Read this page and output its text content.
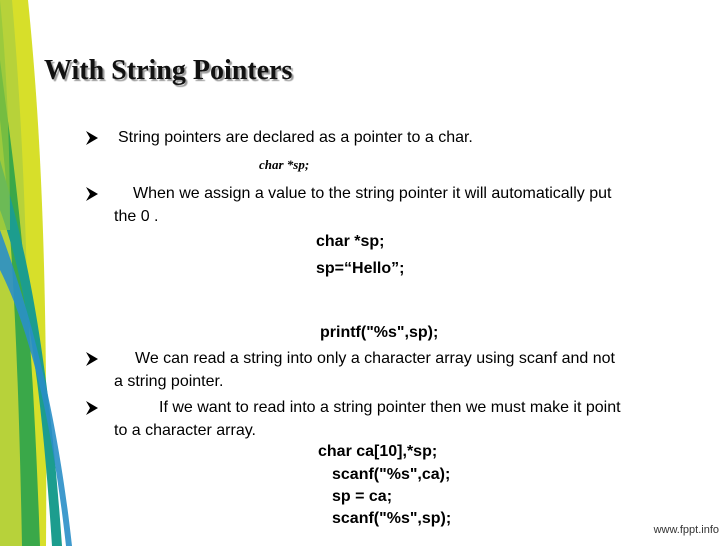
With String Pointers
String pointers are declared as a pointer to a char.
char *sp;
When we assign a value to the string pointer it will automatically put
the 0 .
char *sp;
sp=“Hello”;
printf("%s",sp);
We can read a string into only a character array using scanf and not
a string pointer.
If we want to read into a string pointer then we must make it point
to a character array.
char ca[10],*sp;
scanf("%s",ca);
sp = ca;
scanf("%s",sp);
www.fppt.info
